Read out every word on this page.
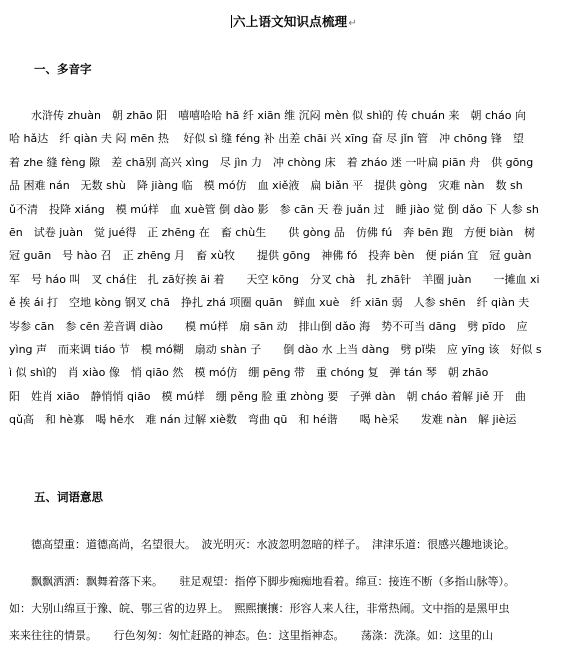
六上语文知识点梳理↵
一、多音字
　　水浒传 zhuàn　朝 zhāo 阳　嘻嘻哈哈 hā 纤 xiān 维 沉闷 mèn 似 shì的 传 chuán 来　朝 cháo 向
哈 hǎ达　纤 qiàn 夫 闷 mēn 热　 好似 sì 缝 féng 补 出差 chāi 兴 xīng 奋 尽 jǐn 管　冲 chōng 锋　望
着 zhe 缝 fèng 隙　差 chā别 高兴 xìng　尽 jìn 力　冲 chòng 床　着 zháo 迷 一叶扁 piān 舟　供 gōng
品 困难 nán　无数 shù　降 jiàng 临　模 mó仿　血 xiě液　扁 biǎn 平　提供 gòng　灾难 nàn　数 sh
ǔ不清　投降 xiáng　模 mú样　血 xuè管 倒 dào 影　参 cān 天 卷 juǎn 过　睡 jiào 觉 倒 dǎo 下 人参 sh
ēn　试卷 juàn　觉 jué得　正 zhēng 在　畜 chù生　　供 gòng 品　仿佛 fú　奔 bēn 跑　方便 biàn　树
冠 guān　号 hào 召　正 zhēng 月　畜 xù牧　　提供 gōng　神佛 fó　投奔 bèn　便 pián 宜　冠 guàn
军　号 háo 叫　叉 chá住　扎 zā好挨 āi 着　　天空 kōng　分叉 chà　扎 zhā针　羊圈 juàn　　一摊血 xi
ě 挨 ái 打　空地 kòng 钢叉 chā　挣扎 zhá 项圈 quān　鲜血 xuè　纤 xiān 弱　人参 shēn　纤 qiàn 夫
岑参 cān　参 cēn 差音调 diào　　模 mú样　扇 sān 动　排山倒 dǎo 海　势不可当 dāng　劈 pīdo　应
yìng 声　而来调 tiáo 节　模 mó糊　扇动 shàn 子　　倒 dào 水 上当 dàng　劈 pǐ柴　应 yīng 该　好似 s
ì 似 shì的　肖 xiào 像　悄 qiāo 然　模 mó仿　绷 pēng 带　重 chóng 复　弹 tán 琴　朝 zhāo
阳　姓肖 xiāo　静悄悄 qiāo　模 mú样　绷 pěng 脸 重 zhòng 要　子弹 dàn　朝 cháo 着解 jiě 开　曲
qǔ高　和 hè寡　喝 hē水　难 nán 过解 xiè数　弯曲 qū　和 hé谐　　喝 hè采　　发难 nàn　解 jiè运
五、词语意思
　　德高望重：道德高尚，名望很大。　波光明灭：水波忽明忽暗的样子。　津津乐道：很感兴趣地谈论。
　　飘飘洒洒：飘舞着落下来。　　驻足观望：指停下脚步痴痴地看着。绵亘：接连不断（多指山脉等）。
如：大别山绵亘于豫、皖、鄂三省的边界上。　熙熙攘攘：形容人来人往，非常热闹。文中指的是黑甲虫
来来往往的情景。　　行色匆匆：匆忙赶路的神态。色：这里指神态。　　荡涤：洗涤。如：这里的山
